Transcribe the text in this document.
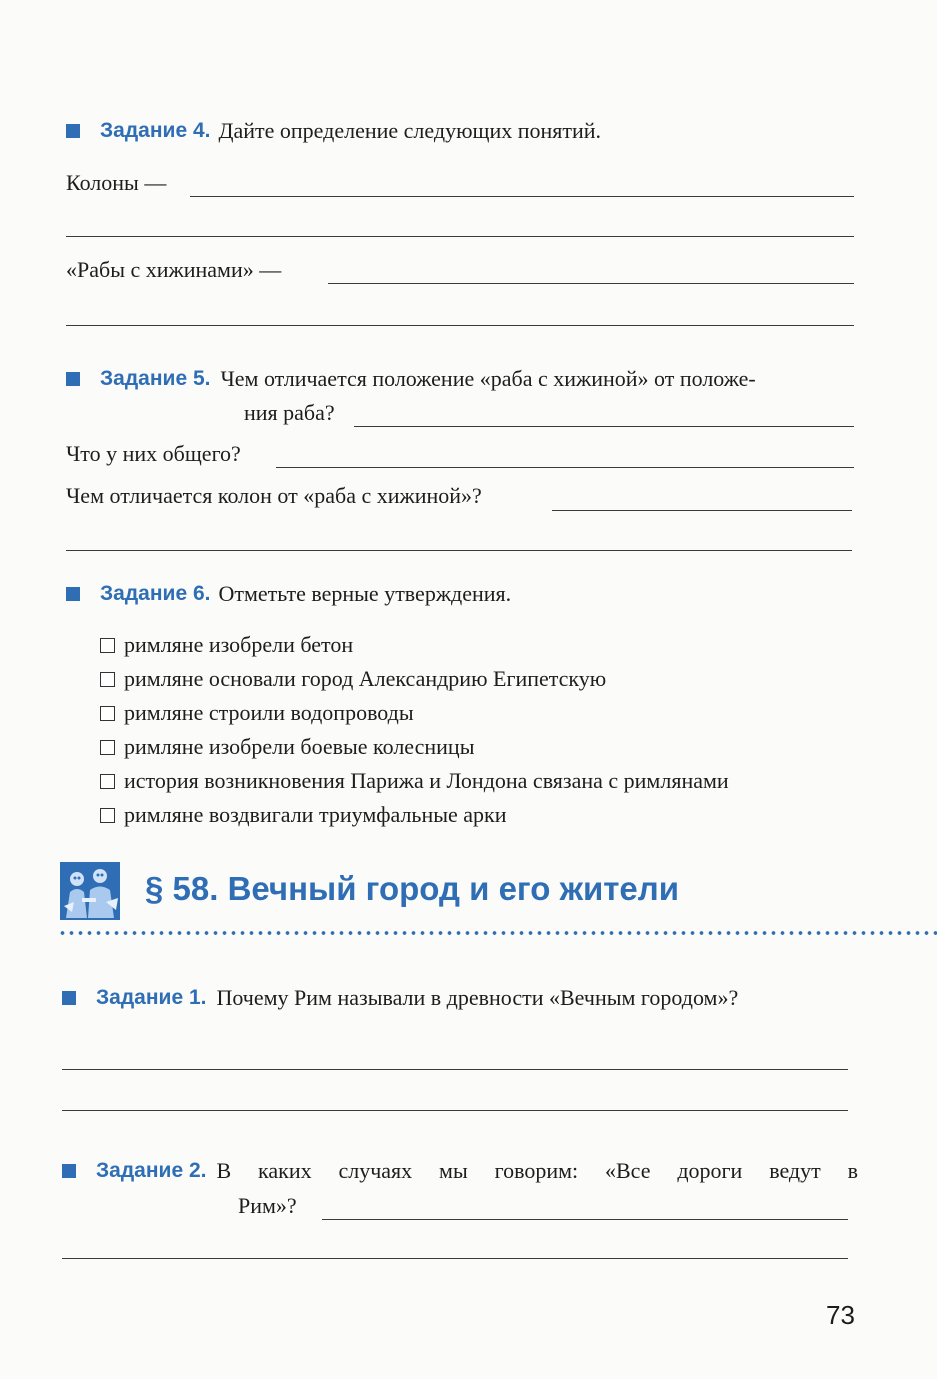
Задание 4. Дайте определение следующих понятий.
Колоны —
«Рабы с хижинами» —
Задание 5. Чем отличается положение «раба с хижиной» от положе-
ния раба?
Что у них общего?
Чем отличается колон от «раба с хижиной»?
Задание 6. Отметьте верные утверждения.
римляне изобрели бетон
римляне основали город Александрию Египетскую
римляне строили водопроводы
римляне изобрели боевые колесницы
история возникновения Парижа и Лондона связана с римлянами
римляне воздвигали триумфальные арки
§ 58. Вечный город и его жители
Задание 1. Почему Рим называли в древности «Вечным городом»?
Задание 2. В каких случаях мы говорим: «Все дороги ведут в
Рим»?
73
